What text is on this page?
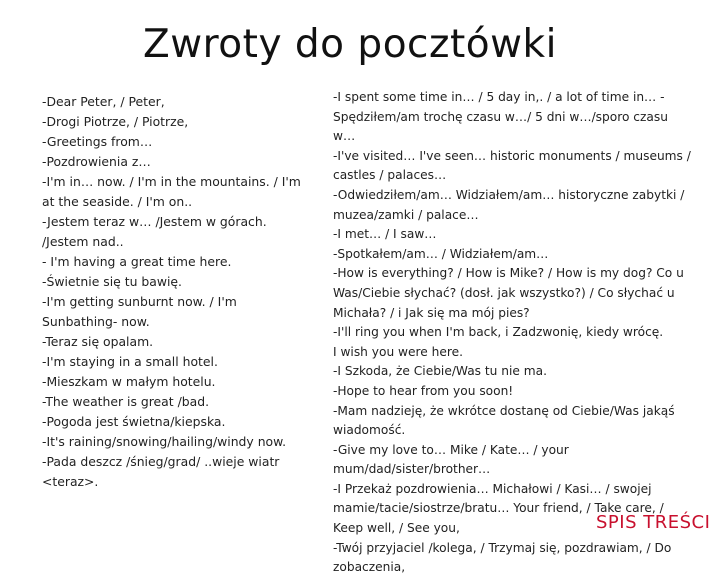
Zwroty do pocztówki
-Dear Peter, / Peter,
-Drogi Piotrze, / Piotrze,
-Greetings from…
-Pozdrowienia z…
-I'm in… now. / I'm in the mountains. / I'm at the seaside. / I'm on..
-Jestem teraz w… /Jestem w górach. /Jestem nad..
- I'm having a great time here.
-Świetnie się tu bawię.
-I'm getting sunburnt now. / I'm Sunbathing- now.
-Teraz się opalam.
-I'm staying in a small hotel.
-Mieszkam w małym hotelu.
-The weather is great /bad.
-Pogoda jest świetna/kiepska.
-It's raining/snowing/hailing/windy now.
-Pada deszcz /śnieg/grad/ ..wieje wiatr <teraz>.
-I spent some time in… / 5 day in,. / a lot of time in… -Spędziłem/am trochę czasu w…/ 5 dni w…/sporo czasu w…
-I've visited… I've seen… historic monuments / museums / castles / palaces…
-Odwiedziłem/am… Widziałem/am… historyczne zabytki / muzea/zamki / palace…
-I met… / I saw…
-Spotkałem/am… / Widziałem/am…
-How is everything? / How is Mike? / How is my dog? Co u Was/Ciebie słychać? (dosł. jak wszystko?) / Co słychać u Michała? / i Jak się ma mój pies?
-I'll ring you when I'm back, i Zadzwonię, kiedy wrócę.
I wish you were here.
-I Szkoda, że Ciebie/Was tu nie ma.
-Hope to hear from you soon!
-Mam nadzieję, że wkrótce dostanę od Ciebie/Was jakąś wiadomość.
-Give my love to… Mike / Kate… / your mum/dad/sister/brother…
-I Przekaż pozdrowienia… Michałowi / Kasi… / swojej mamie/tacie/siostrze/bratu… Your friend, / Take care, / Keep well, / See you,
-Twój przyjaciel /kolega, / Trzymaj się, pozdrawiam, / Do zobaczenia,
SPIS TREŚCI
